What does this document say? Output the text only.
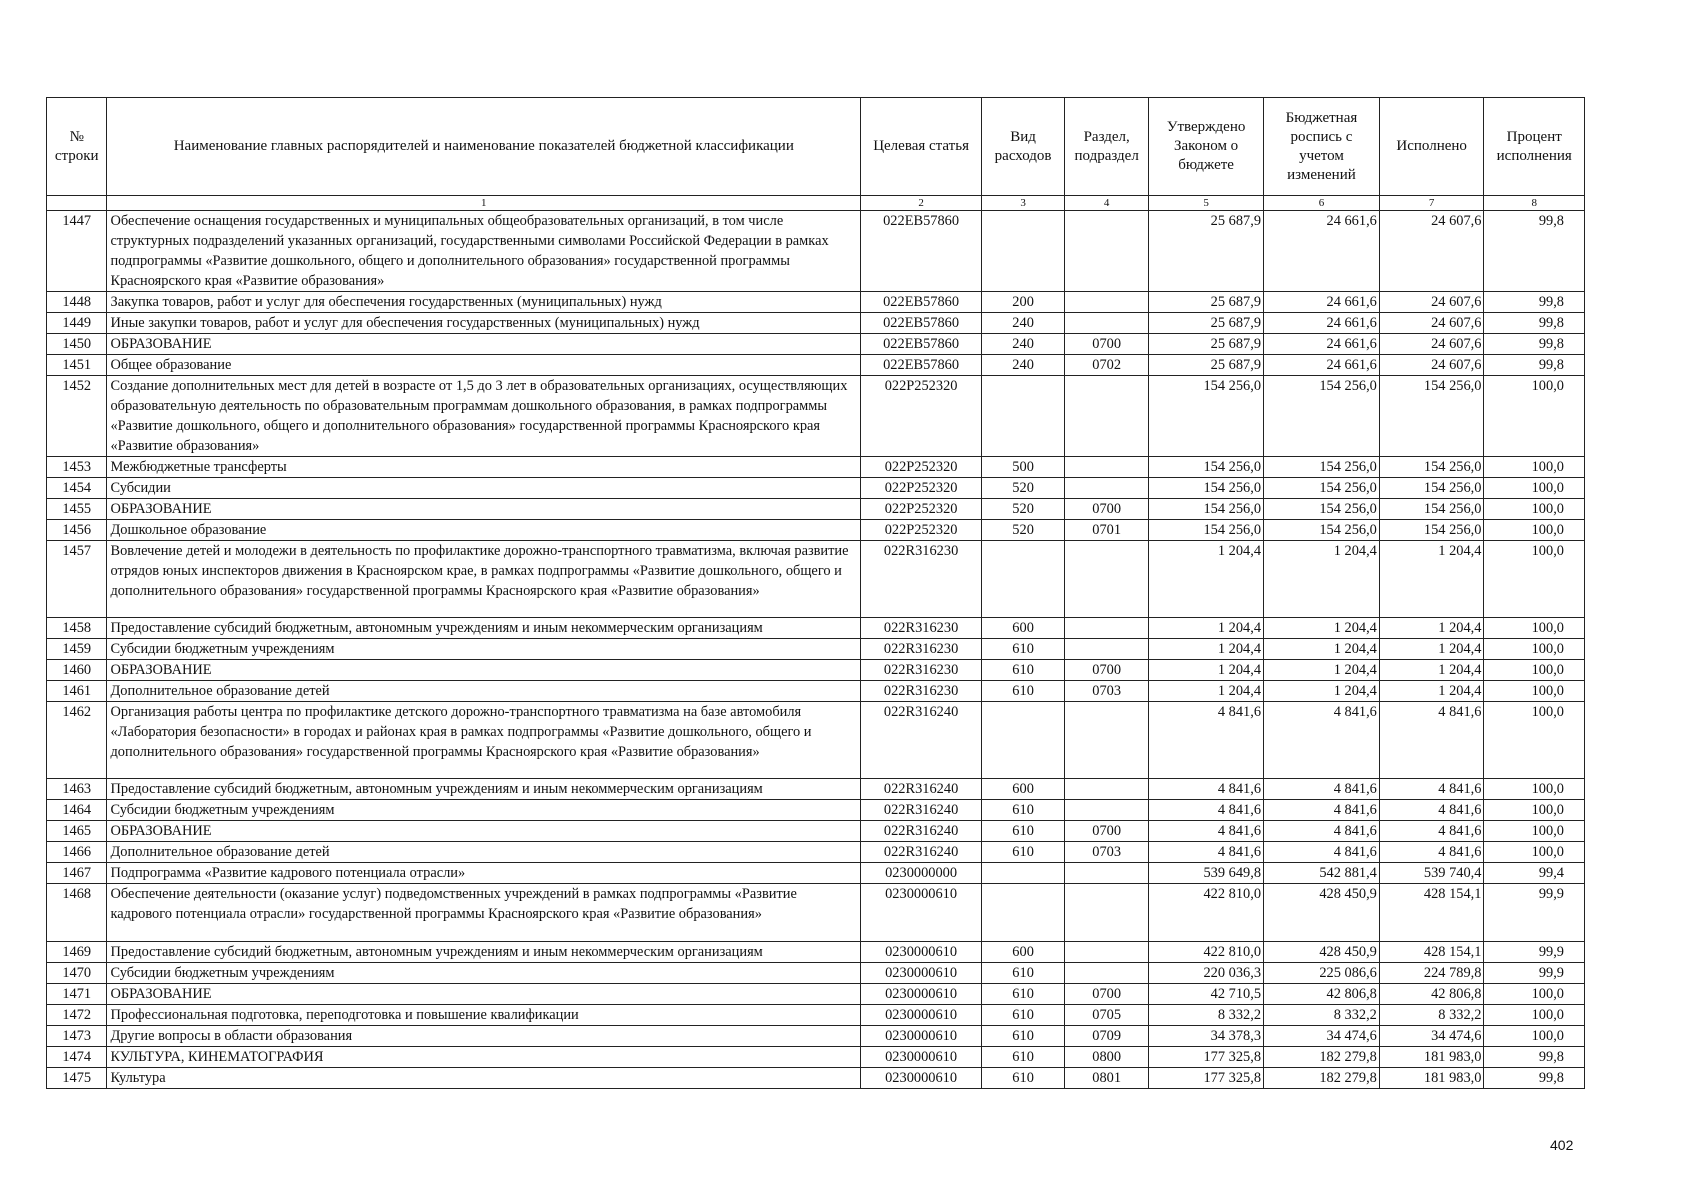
№ строки	Наименование главных распорядителей и наименование показателей бюджетной классификации	Целевая статья	Вид расходов	Раздел, подраздел	Утверждено Законом о бюджете	Бюджетная роспись с учетом изменений	Исполнено	Процент исполнения
	1	2	3	4	5	6	7	8
1447	Обеспечение оснащения государственных и муниципальных общеобразовательных организаций, в том числе структурных подразделений указанных организаций, государственными символами Российской Федерации в рамках подпрограммы «Развитие дошкольного, общего и дополнительного образования» государственной программы Красноярского края «Развитие образования»	022EB57860			25 687,9	24 661,6	24 607,6	99,8
1448	Закупка товаров, работ и услуг для обеспечения государственных (муниципальных) нужд	022EB57860	200		25 687,9	24 661,6	24 607,6	99,8
1449	Иные закупки товаров, работ и услуг для обеспечения государственных (муниципальных) нужд	022EB57860	240		25 687,9	24 661,6	24 607,6	99,8
1450	ОБРАЗОВАНИЕ	022EB57860	240	0700	25 687,9	24 661,6	24 607,6	99,8
1451	Общее образование	022EB57860	240	0702	25 687,9	24 661,6	24 607,6	99,8
1452	Создание дополнительных мест для детей в возрасте от 1,5 до 3 лет в образовательных организациях, осуществляющих образовательную деятельность по образовательным программам дошкольного образования, в рамках подпрограммы «Развитие дошкольного, общего и дополнительного образования» государственной программы Красноярского края «Развитие образования»	022P252320			154 256,0	154 256,0	154 256,0	100,0
1453	Межбюджетные трансферты	022P252320	500		154 256,0	154 256,0	154 256,0	100,0
1454	Субсидии	022P252320	520		154 256,0	154 256,0	154 256,0	100,0
1455	ОБРАЗОВАНИЕ	022P252320	520	0700	154 256,0	154 256,0	154 256,0	100,0
1456	Дошкольное образование	022P252320	520	0701	154 256,0	154 256,0	154 256,0	100,0
1457	Вовлечение детей и молодежи в деятельность по профилактике дорожно-транспортного травматизма, включая развитие отрядов юных инспекторов движения в Красноярском крае, в рамках подпрограммы «Развитие дошкольного, общего и дополнительного образования» государственной программы Красноярского края «Развитие образования»	022R316230			1 204,4	1 204,4	1 204,4	100,0
1458	Предоставление субсидий бюджетным, автономным учреждениям и иным некоммерческим организациям	022R316230	600		1 204,4	1 204,4	1 204,4	100,0
1459	Субсидии бюджетным учреждениям	022R316230	610		1 204,4	1 204,4	1 204,4	100,0
1460	ОБРАЗОВАНИЕ	022R316230	610	0700	1 204,4	1 204,4	1 204,4	100,0
1461	Дополнительное образование детей	022R316230	610	0703	1 204,4	1 204,4	1 204,4	100,0
1462	Организация работы центра по профилактике детского дорожно-транспортного травматизма на базе автомобиля «Лаборатория безопасности» в городах и районах края в рамках подпрограммы «Развитие дошкольного, общего и дополнительного образования» государственной программы Красноярского края «Развитие образования»	022R316240			4 841,6	4 841,6	4 841,6	100,0
1463	Предоставление субсидий бюджетным, автономным учреждениям и иным некоммерческим организациям	022R316240	600		4 841,6	4 841,6	4 841,6	100,0
1464	Субсидии бюджетным учреждениям	022R316240	610		4 841,6	4 841,6	4 841,6	100,0
1465	ОБРАЗОВАНИЕ	022R316240	610	0700	4 841,6	4 841,6	4 841,6	100,0
1466	Дополнительное образование детей	022R316240	610	0703	4 841,6	4 841,6	4 841,6	100,0
1467	Подпрограмма «Развитие кадрового потенциала отрасли»	0230000000			539 649,8	542 881,4	539 740,4	99,4
1468	Обеспечение деятельности (оказание услуг) подведомственных учреждений в рамках подпрограммы «Развитие кадрового потенциала отрасли» государственной программы Красноярского края «Развитие образования»	0230000610			422 810,0	428 450,9	428 154,1	99,9
1469	Предоставление субсидий бюджетным, автономным учреждениям и иным некоммерческим организациям	0230000610	600		422 810,0	428 450,9	428 154,1	99,9
1470	Субсидии бюджетным учреждениям	0230000610	610		220 036,3	225 086,6	224 789,8	99,9
1471	ОБРАЗОВАНИЕ	0230000610	610	0700	42 710,5	42 806,8	42 806,8	100,0
1472	Профессиональная подготовка, переподготовка и повышение квалификации	0230000610	610	0705	8 332,2	8 332,2	8 332,2	100,0
1473	Другие вопросы в области образования	0230000610	610	0709	34 378,3	34 474,6	34 474,6	100,0
1474	КУЛЬТУРА, КИНЕМАТОГРАФИЯ	0230000610	610	0800	177 325,8	182 279,8	181 983,0	99,8
1475	Культура	0230000610	610	0801	177 325,8	182 279,8	181 983,0	99,8
402
